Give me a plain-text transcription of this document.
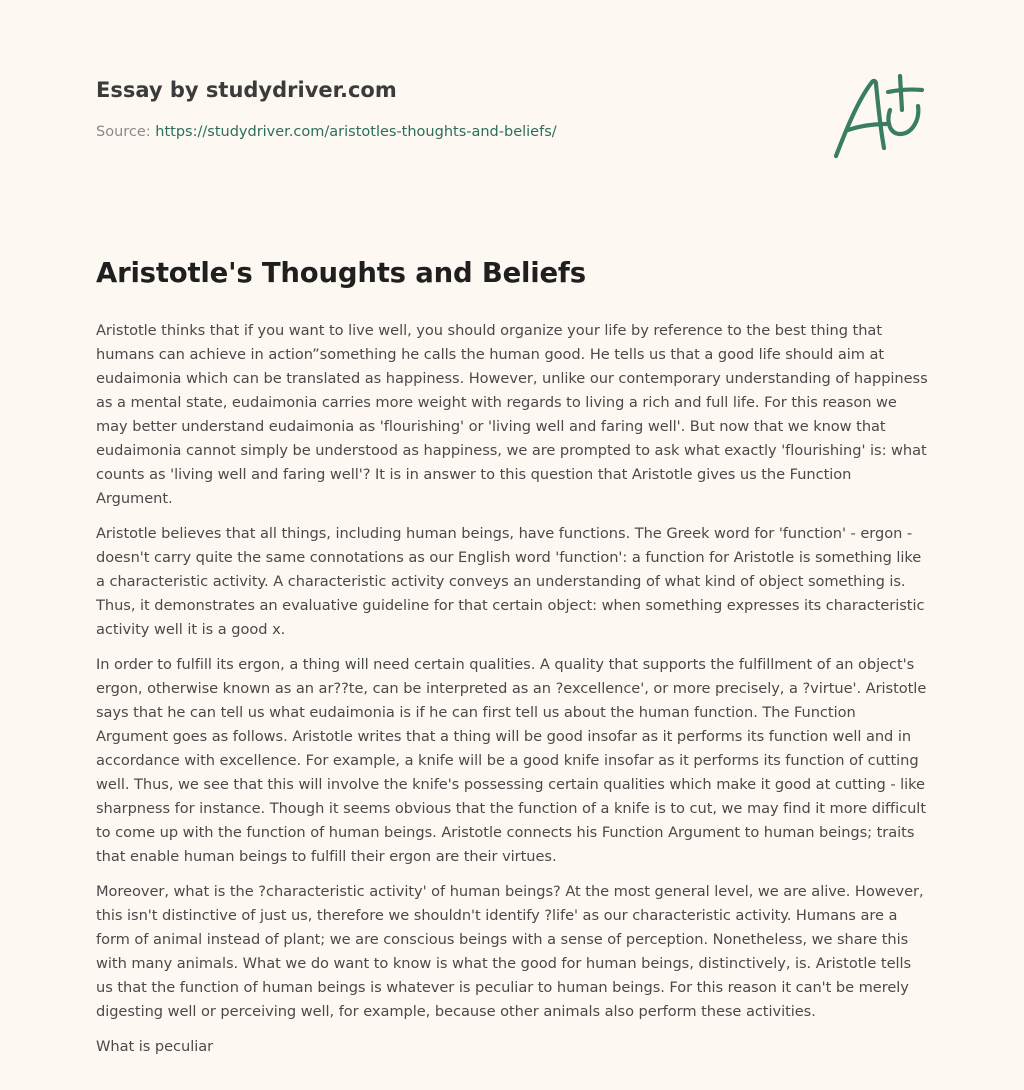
Essay by studydriver.com
Source: https://studydriver.com/aristotles-thoughts-and-beliefs/
Aristotle's Thoughts and Beliefs

Aristotle thinks that if you want to live well, you should organize your life by reference to the best thing that humans can achieve in action”something he calls the human good. He tells us that a good life should aim at eudaimonia which can be translated as happiness. However, unlike our contemporary understanding of happiness as a mental state, eudaimonia carries more weight with regards to living a rich and full life. For this reason we may better understand eudaimonia as 'flourishing' or 'living well and faring well'. But now that we know that eudaimonia cannot simply be understood as happiness, we are prompted to ask what exactly 'flourishing' is: what counts as 'living well and faring well'? It is in answer to this question that Aristotle gives us the Function Argument.

Aristotle believes that all things, including human beings, have functions. The Greek word for 'function' - ergon - doesn't carry quite the same connotations as our English word 'function': a function for Aristotle is something like a characteristic activity. A characteristic activity conveys an understanding of what kind of object something is. Thus, it demonstrates an evaluative guideline for that certain object: when something expresses its characteristic activity well it is a good x.

In order to fulfill its ergon, a thing will need certain qualities. A quality that supports the fulfillment of an object's ergon, otherwise known as an ar??te, can be interpreted as an ?excellence', or more precisely, a ?virtue'. Aristotle says that he can tell us what eudaimonia is if he can first tell us about the human function. The Function Argument goes as follows. Aristotle writes that a thing will be good insofar as it performs its function well and in accordance with excellence. For example, a knife will be a good knife insofar as it performs its function of cutting well. Thus, we see that this will involve the knife's possessing certain qualities which make it good at cutting - like sharpness for instance. Though it seems obvious that the function of a knife is to cut, we may find it more difficult to come up with the function of human beings. Aristotle connects his Function Argument to human beings; traits that enable human beings to fulfill their ergon are their virtues.

Moreover, what is the ?characteristic activity' of human beings? At the most general level, we are alive. However, this isn't distinctive of just us, therefore we shouldn't identify ?life' as our characteristic activity. Humans are a form of animal instead of plant; we are conscious beings with a sense of perception. Nonetheless, we share this with many animals. What we do want to know is what the good for human beings, distinctively, is. Aristotle tells us that the function of human beings is whatever is peculiar to human beings. For this reason it can't be merely digesting well or perceiving well, for example, because other animals also perform these activities.

What is peculiar
